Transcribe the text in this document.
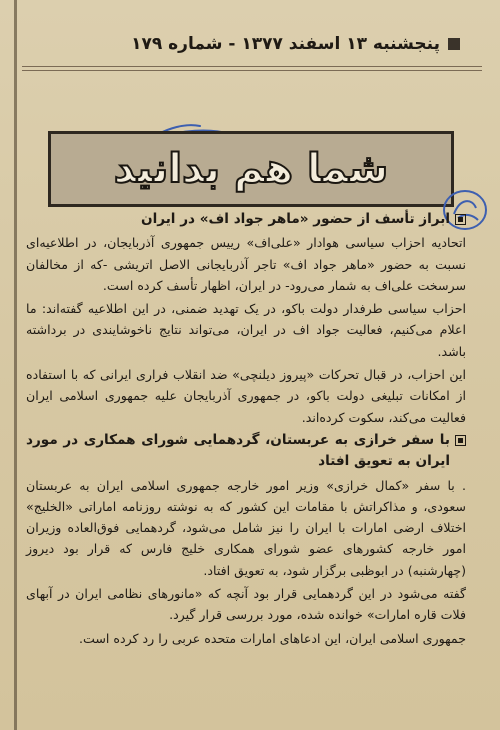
پنجشنبه ۱۳ اسفند ۱۳۷۷ - شماره ۱۷۹
شما هم بدانید
ابراز تأسف از حضور «ماهر جواد اف» در ایران

اتحادیه احزاب سیاسی هوادار «علی‌اف» رییس جمهوری آذربایجان، در اطلاعیه‌ای نسبت به حضور «ماهر جواد اف» تاجر آذربایجانی الاصل اتریشی -که از مخالفان سرسخت علی‌اف به شمار می‌رود- در ایران، اظهار تأسف کرده است.

احزاب سیاسی طرفدار دولت باکو، در یک تهدید ضمنی، در این اطلاعیه گفته‌اند: ما اعلام می‌کنیم، فعالیت جواد اف در ایران، می‌تواند نتایج ناخوشایندی در برداشته باشد.

این احزاب، در قبال تحرکات «پیروز دیلنچی» ضد انقلاب فراری ایرانی که با استفاده از امکانات تبلیغی دولت باکو، در جمهوری آذربایجان علیه جمهوری اسلامی ایران فعالیت می‌کند، سکوت کرده‌اند.

با سفر خرازی به عربستان، گردهمایی شورای همکاری در مورد ایران به تعویق افتاد

. با سفر «کمال خرازی» وزیر امور خارجه جمهوری اسلامی ایران به عربستان سعودی، و مذاکراتش با مقامات این کشور که به نوشته روزنامه اماراتی «الخلیج» اختلاف ارضی امارات با ایران را نیز شامل می‌شود، گردهمایی فوق‌العاده وزیران امور خارجه کشورهای عضو شورای همکاری خلیج فارس که قرار بود دیروز (چهارشنبه) در ابوظبی برگزار شود، به تعویق افتاد.

گفته می‌شود در این گردهمایی قرار بود آنچه که «مانورهای نظامی ایران در آبهای فلات قاره امارات» خوانده شده، مورد بررسی قرار گیرد.

جمهوری اسلامی ایران، این ادعاهای امارات متحده عربی را رد کرده است.
